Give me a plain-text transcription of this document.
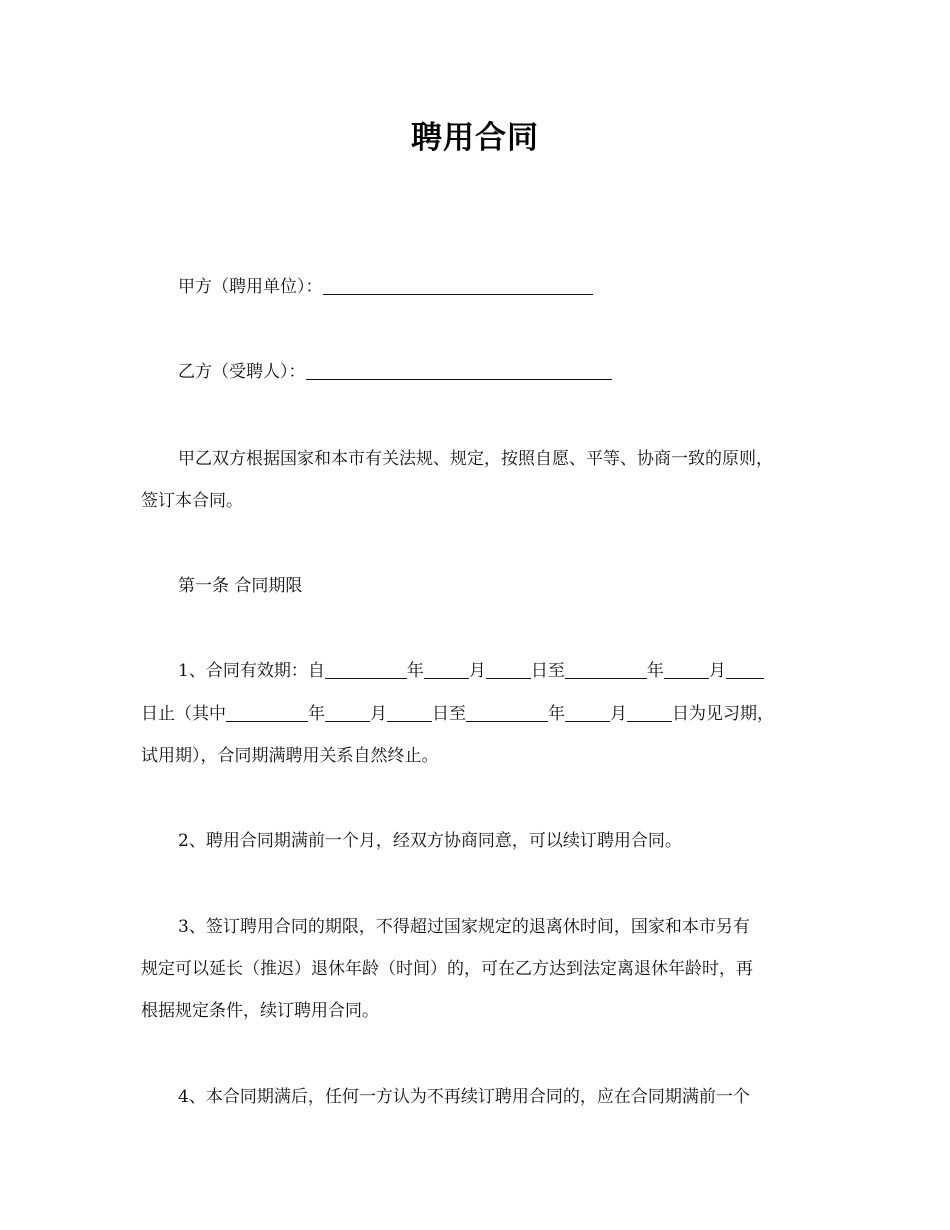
聘用合同
甲方（聘用单位）：
乙方（受聘人）：
甲乙双方根据国家和本市有关法规、规定，按照自愿、平等、协商一致的原则，
签订本合同。
第一条 合同期限
1、合同有效期：自	年	月	日至	年	月
日止（其中	年	月	日至	年	月	日为见习期，
试用期），合同期满聘用关系自然终止。
2、聘用合同期满前一个月，经双方协商同意，可以续订聘用合同。
3、签订聘用合同的期限，不得超过国家规定的退离休时间，国家和本市另有
规定可以延长（推迟）退休年龄（时间）的，可在乙方达到法定离退休年龄时，再
根据规定条件，续订聘用合同。
4、本合同期满后，任何一方认为不再续订聘用合同的，应在合同期满前一个
